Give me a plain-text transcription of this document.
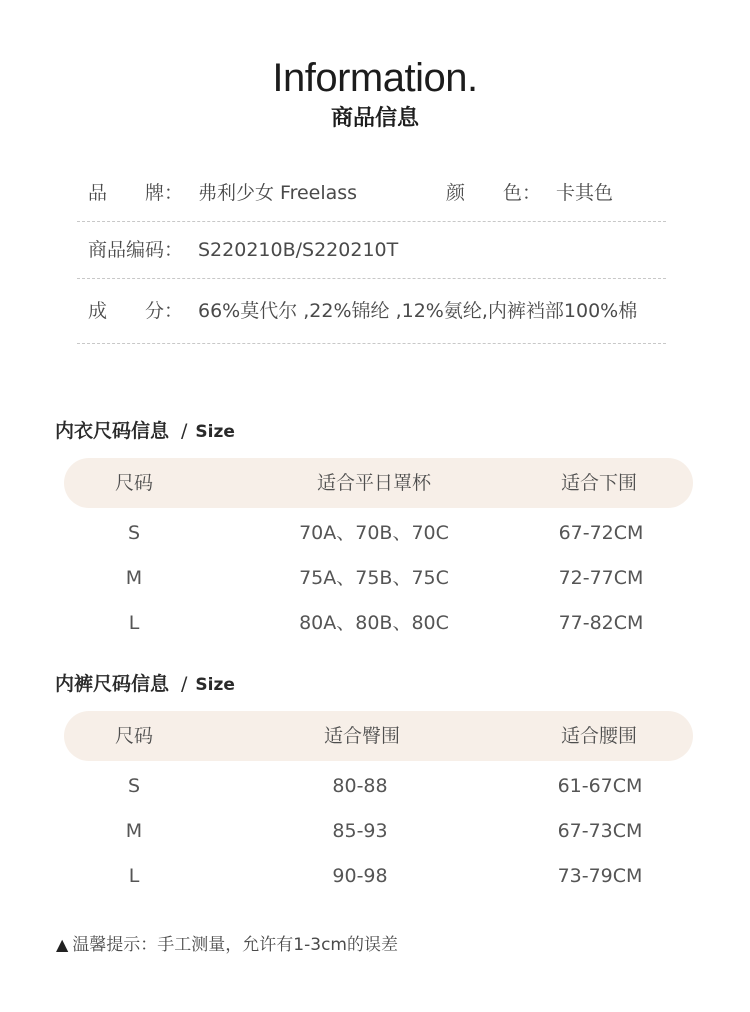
Information.
商品信息
品　　牌： 弗利少女 Freelass	颜　　色： 卡其色
商品编码： S220210B/S220210T
成　　分： 66%莫代尔 ,22%锦纶 ,12%氨纶,内裤裆部100%棉
内衣尺码信息 / Size
尺码	适合平日罩杯	适合下围
S	70A、70B、70C	67-72CM
M	75A、75B、75C	72-77CM
L	80A、80B、80C	77-82CM
内裤尺码信息 / Size
尺码	适合臀围	适合腰围
S	80-88	61-67CM
M	85-93	67-73CM
L	90-98	73-79CM
▲ 温馨提示：手工测量，允许有1-3cm的误差
